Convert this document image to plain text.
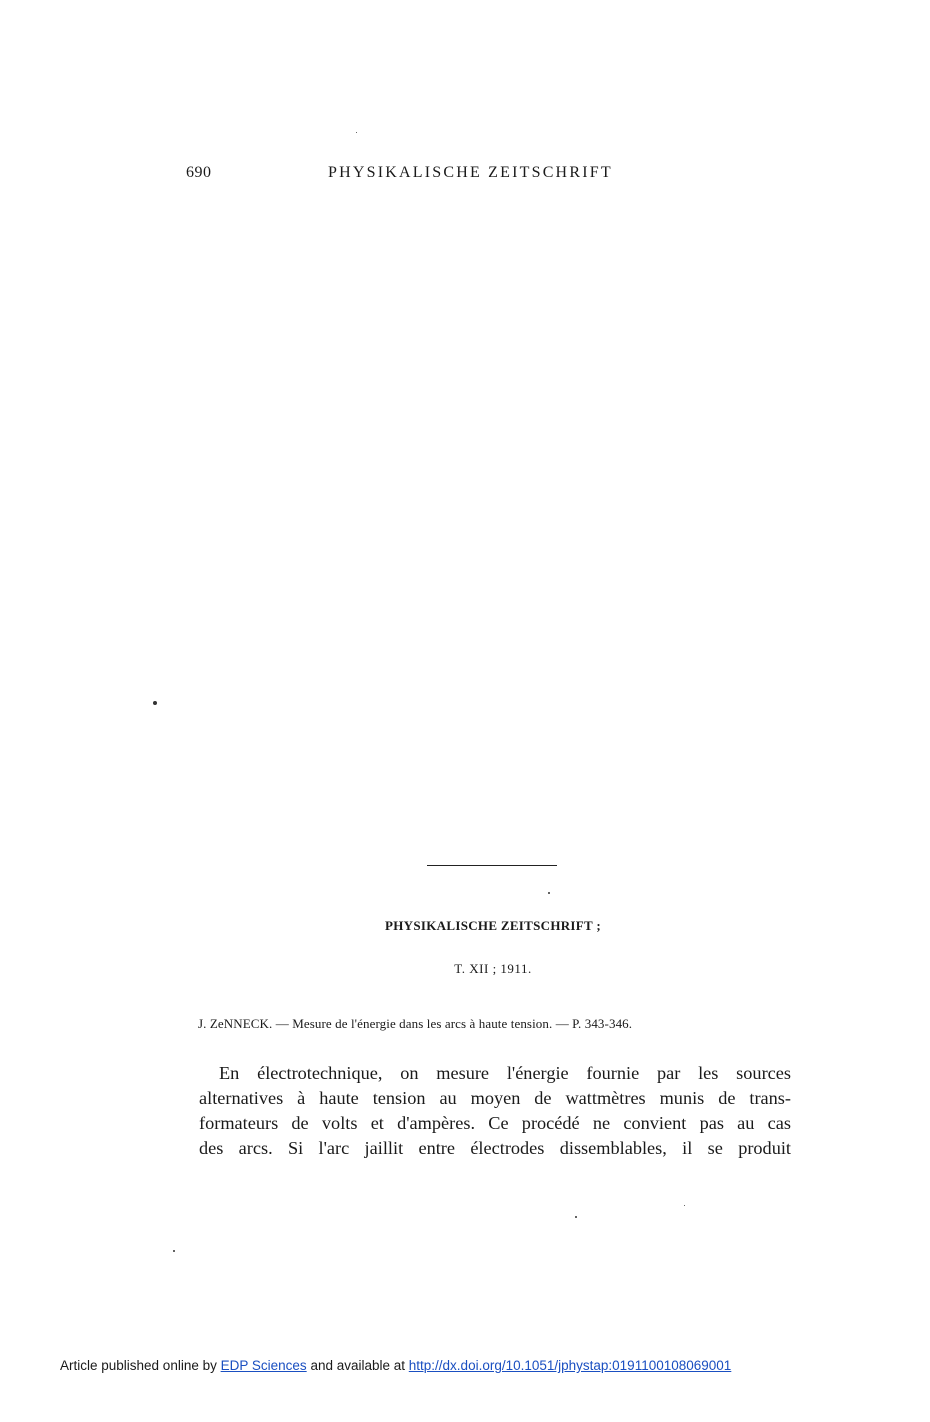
690	PHYSIKALISCHE ZEITSCHRIFT
PHYSIKALISCHE ZEITSCHRIFT ;
T. XII ; 1911.
J. ZeNNECK. — Mesure de l'énergie dans les arcs à haute tension. — P. 343-346.
En électrotechnique, on mesure l'énergie fournie par les sources
alternatives à haute tension au moyen de wattmètres munis de trans-
formateurs de volts et d'ampères. Ce procédé ne convient pas au cas
des arcs. Si l'arc jaillit entre électrodes dissemblables, il se produit
Article published online by EDP Sciences and available at http://dx.doi.org/10.1051/jphystap:0191100108069001
